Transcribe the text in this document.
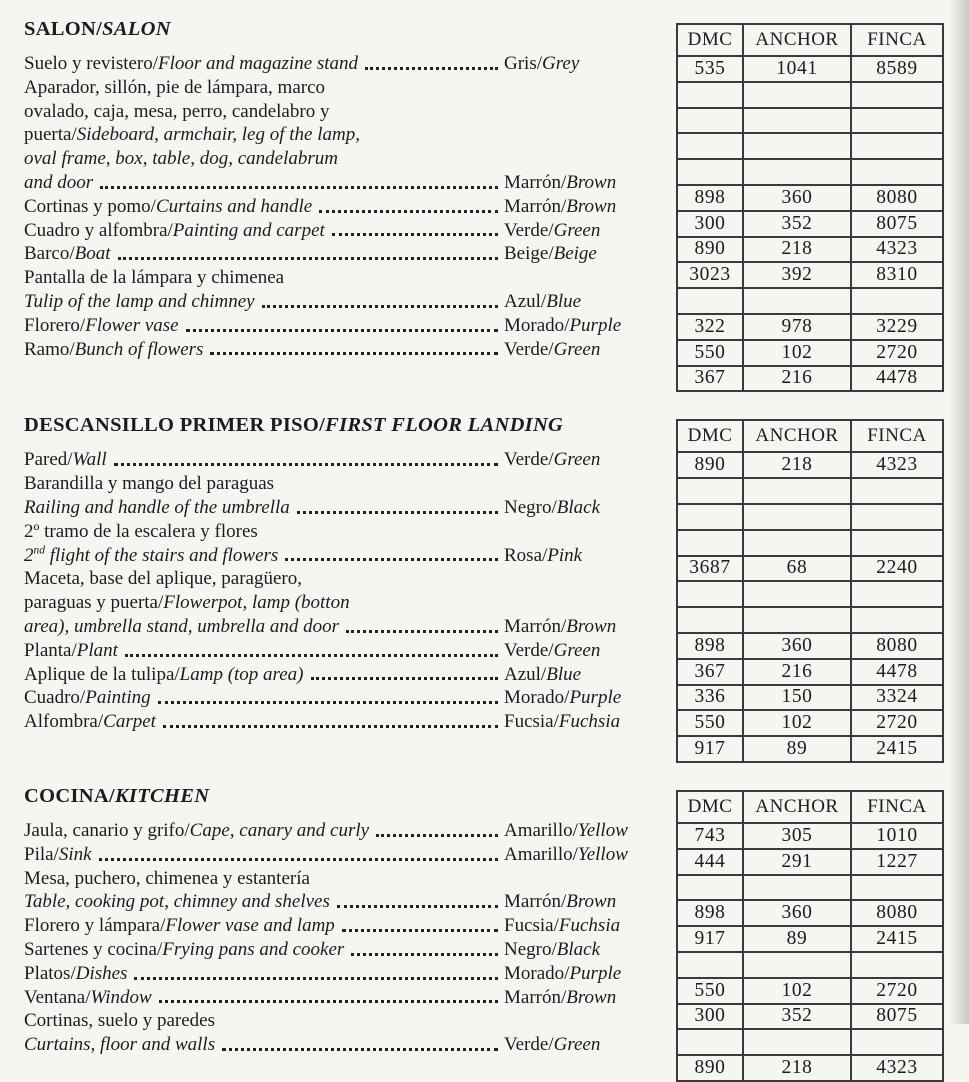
SALON/SALON
Suelo y revistero/Floor and magazine stand	Gris/Grey
Aparador, sillón, pie de lámpara, marco
ovalado, caja, mesa, perro, candelabro y
puerta/Sideboard, armchair, leg of the lamp,
oval frame, box, table, dog, candelabrum
and door	Marrón/Brown
Cortinas y pomo/Curtains and handle	Marrón/Brown
Cuadro y alfombra/Painting and carpet	Verde/Green
Barco/Boat	Beige/Beige
Pantalla de la lámpara y chimenea
Tulip of the lamp and chimney	Azul/Blue
Florero/Flower vase	Morado/Purple
Ramo/Bunch of flowers	Verde/Green
DMC	ANCHOR	FINCA
535	1041	8589

898	360	8080
300	352	8075
890	218	4323
3023	392	8310

322	978	3229
550	102	2720
367	216	4478
DESCANSILLO PRIMER PISO/FIRST FLOOR LANDING
Pared/Wall	Verde/Green
Barandilla y mango del paraguas
Railing and handle of the umbrella	Negro/Black
2º tramo de la escalera y flores
2nd flight of the stairs and flowers	Rosa/Pink
Maceta, base del aplique, paragüero,
paraguas y puerta/Flowerpot, lamp (botton
area), umbrella stand, umbrella and door	Marrón/Brown
Planta/Plant	Verde/Green
Aplique de la tulipa/Lamp (top area)	Azul/Blue
Cuadro/Painting	Morado/Purple
Alfombra/Carpet	Fucsia/Fuchsia
DMC	ANCHOR	FINCA
890	218	4323

3687	68	2240

898	360	8080
367	216	4478
336	150	3324
550	102	2720
917	89	2415
COCINA/KITCHEN
Jaula, canario y grifo/Cape, canary and curly	Amarillo/Yellow
Pila/Sink	Amarillo/Yellow
Mesa, puchero, chimenea y estantería
Table, cooking pot, chimney and shelves	Marrón/Brown
Florero y lámpara/Flower vase and lamp	Fucsia/Fuchsia
Sartenes y cocina/Frying pans and cooker	Negro/Black
Platos/Dishes	Morado/Purple
Ventana/Window	Marrón/Brown
Cortinas, suelo y paredes
Curtains, floor and walls	Verde/Green
DMC	ANCHOR	FINCA
743	305	1010
444	291	1227

898	360	8080
917	89	2415

550	102	2720
300	352	8075

890	218	4323
